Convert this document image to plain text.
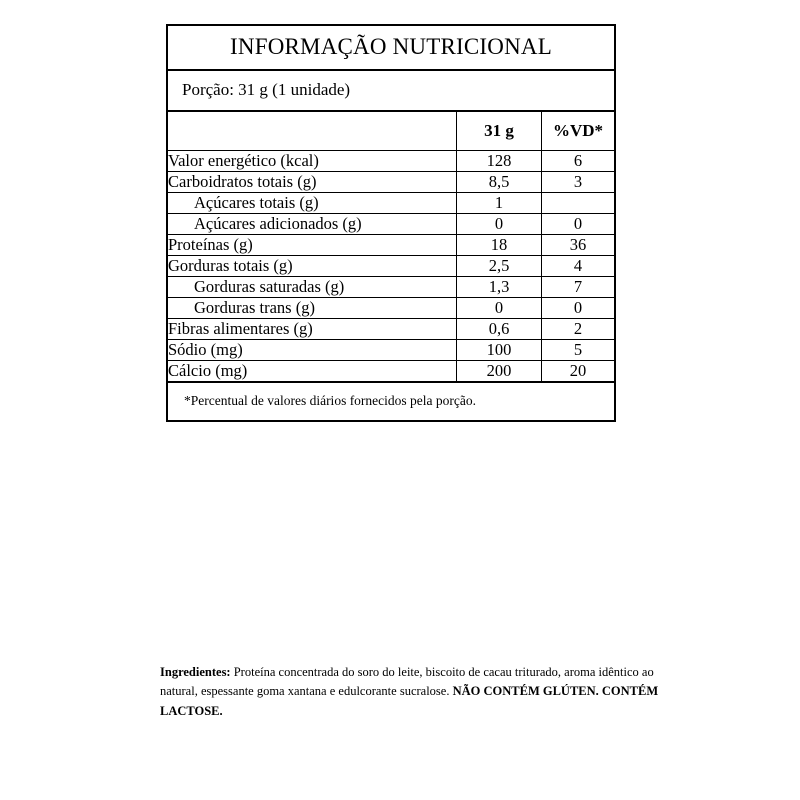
INFORMAÇÃO NUTRICIONAL
Porção: 31 g (1 unidade)
	31 g	%VD*
Valor energético (kcal)	128	6
Carboidratos totais (g)	8,5	3
Açúcares totais (g)	1	
Açúcares adicionados (g)	0	0
Proteínas (g)	18	36
Gorduras totais (g)	2,5	4
Gorduras saturadas (g)	1,3	7
Gorduras trans (g)	0	0
Fibras alimentares (g)	0,6	2
Sódio (mg)	100	5
Cálcio (mg)	200	20
*Percentual de valores diários fornecidos pela porção.
Ingredientes: Proteína concentrada do soro do leite, biscoito de cacau triturado, aroma idêntico ao natural, espessante goma xantana e edulcorante sucralose. NÃO CONTÉM GLÚTEN. CONTÉM LACTOSE.
